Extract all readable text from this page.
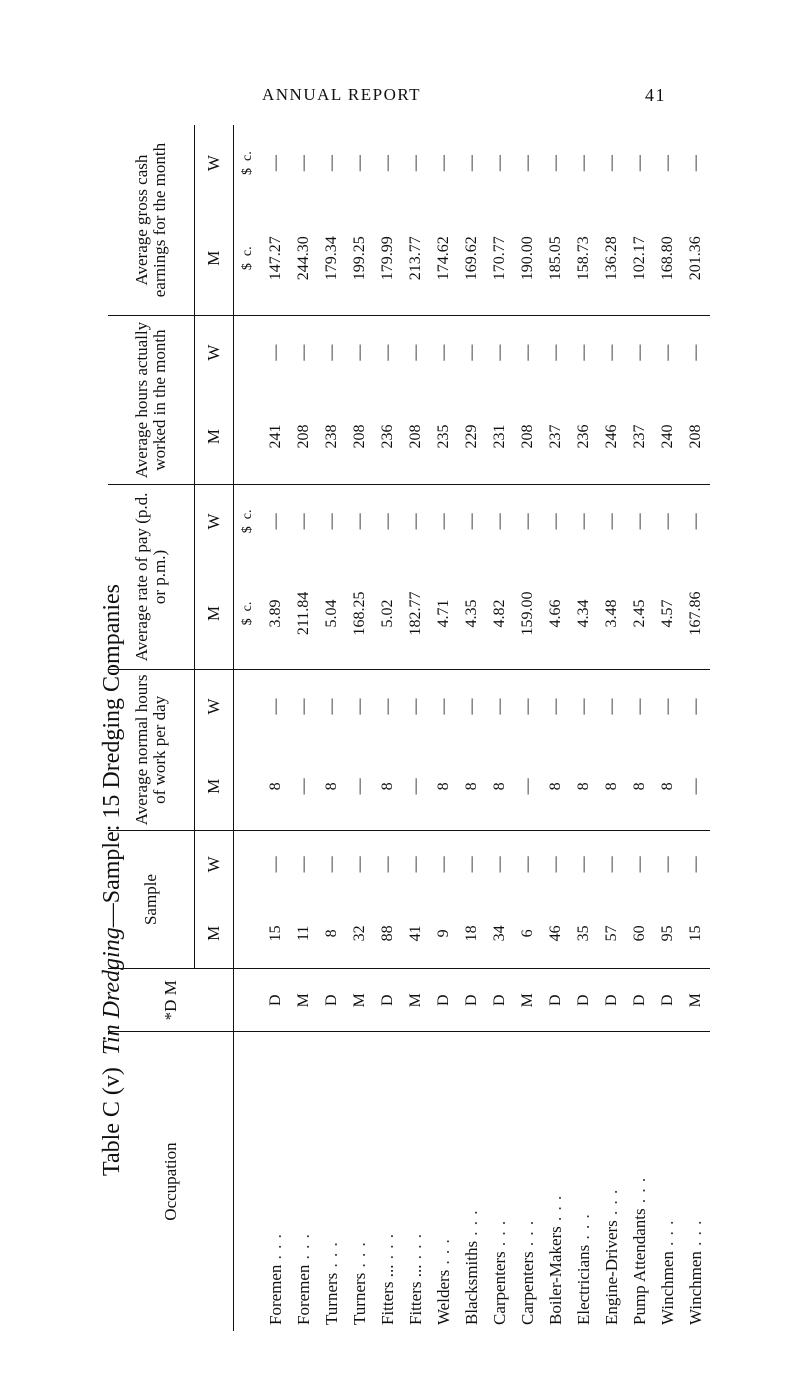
ANNUAL REPORT	41
Table C (v)

Tin Dredging
—Sample: 15 Dredging Companies
Occupation	*D M	Sample		Average normal hours of work per day		Average rate of pay (p.d. or p.m.)		Average hours actually worked in the month		Average gross cash earnings for the month	
		M	W	M	W	M	W	M	W	M	W
						$  c.	$  c.			$  c.	$  c.
Foremen . . .	D	15	—	8	—	3.89	—	241	—	147.27	—
Foremen . . .	M	11	—	—	—	211.84	—	208	—	244.30	—
Turners . . .	D	8	—	8	—	5.04	—	238	—	179.34	—
Turners . . .	M	32	—	—	—	168.25	—	208	—	199.25	—
Fitters ... . . .	D	88	—	8	—	5.02	—	236	—	179.99	—
Fitters ... . . .	M	41	—	—	—	182.77	—	208	—	213.77	—
Welders . . .	D	9	—	8	—	4.71	—	235	—	174.62	—
Blacksmiths . . .	D	18	—	8	—	4.35	—	229	—	169.62	—
Carpenters . . .	D	34	—	8	—	4.82	—	231	—	170.77	—
Carpenters . . .	M	6	—	—	—	159.00	—	208	—	190.00	—
Boiler-Makers . . .	D	46	—	8	—	4.66	—	237	—	185.05	—
Electricians . . .	D	35	—	8	—	4.34	—	236	—	158.73	—
Engine-Drivers . . .	D	57	—	8	—	3.48	—	246	—	136.28	—
Pump Attendants . . .	D	60	—	8	—	2.45	—	237	—	102.17	—
Winchmen . . .	D	95	—	8	—	4.57	—	240	—	168.80	—
Winchmen . . .	M	15	—	—	—	167.86	—	208	—	201.36	—
